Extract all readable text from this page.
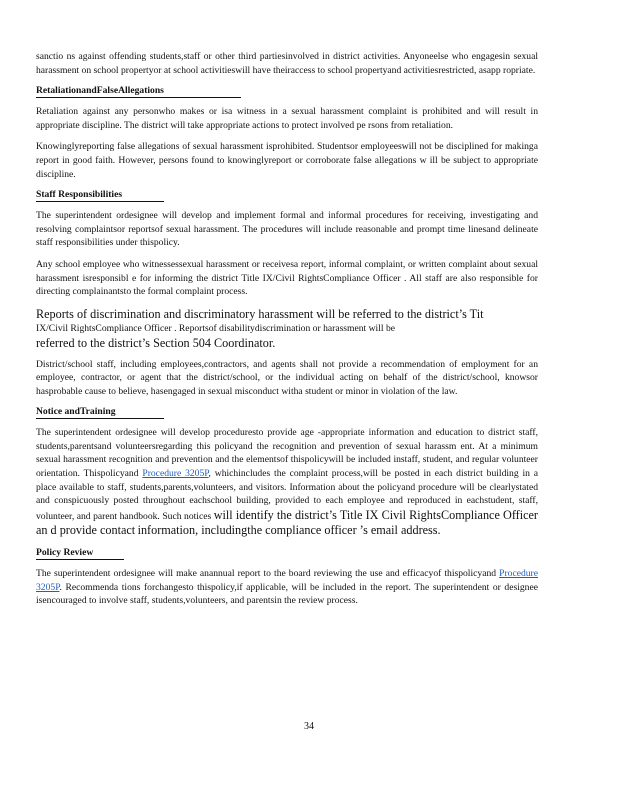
sanctio ns against offending students,staff or other third partiesinvolved in district activities. Anyoneelse who engagesin sexual harassment on school propertyor at school activitieswill have theiraccess to school propertyand activitiesrestricted, asapp ropriate.

RetaliationandFalseAllegations

Retaliation against any personwho makes or isa witness in a sexual harassment complaint is prohibited and will result in appropriate discipline. The district will take appropriate actions to protect involved pe rsons from retaliation.

Knowinglyreporting false allegations of sexual harassment isprohibited. Studentsor employeeswill not be disciplined for makinga report in good faith. However, persons found to knowinglyreport or corroborate false allegations w ill be subject to appropriate discipline.

Staff Responsibilities

The superintendent ordesignee will develop and implement formal and informal procedures for receiving, investigating and resolving complaintsor reportsof sexual harassment. The procedures will include reasonable and prompt time linesand delineate staff responsibilities under thispolicy.

Any school employee who witnessessexual harassment or receivesa report, informal complaint, or written complaint about sexual harassment isresponsibl e for informing the district Title IX/Civil RightsCompliance Officer . All staff are also responsible for directing complainantsto the formal complaint process.

Reports of discrimination and discriminatory harassment will be referred to the district’s Tit
IX/Civil RightsCompliance Officer . Reportsof disabilitydiscrimination or harassment will be
referred to the district’s Section 504 Coordinator.

District/school staff, including employees,contractors, and agents shall not provide a recommendation of employment for an employee, contractor, or agent that the district/school, or the individual acting on behalf of the district/school, knowsor hasprobable cause to believe, hasengaged in sexual misconduct witha student or minor in violation of the law.

Notice andTraining

The superintendent ordesignee will develop proceduresto provide age -appropriate information and education to district staff, students,parentsand volunteersregarding this policyand the recognition and prevention of sexual harassm ent. At a minimum sexual harassment recognition and prevention and the elementsof thispolicywill be included instaff, student, and regular volunteer orientation. Thispolicyand Procedure 3205P, whichincludes the complaint process,will be posted in each district building in a place available to staff, students,parents,volunteers, and visitors. Information about the policyand procedure will be clearlystated and conspicuously posted throughout eachschool building, provided to each employee and reproduced in eachstudent, staff, volunteer, and parent handbook. Such notices will identify the district’s Title IX Civil RightsCompliance Officer an d provide contact information, includingthe compliance officer ’s email address.

Policy Review

The superintendent ordesignee will make anannual report to the board reviewing the use and efficacyof thispolicyand Procedure 3205P. Recommenda tions forchangesto thispolicy,if applicable, will be included in the report. The superintendent or designee isencouraged to involve staff, students,volunteers, and parentsin the review process.

34
